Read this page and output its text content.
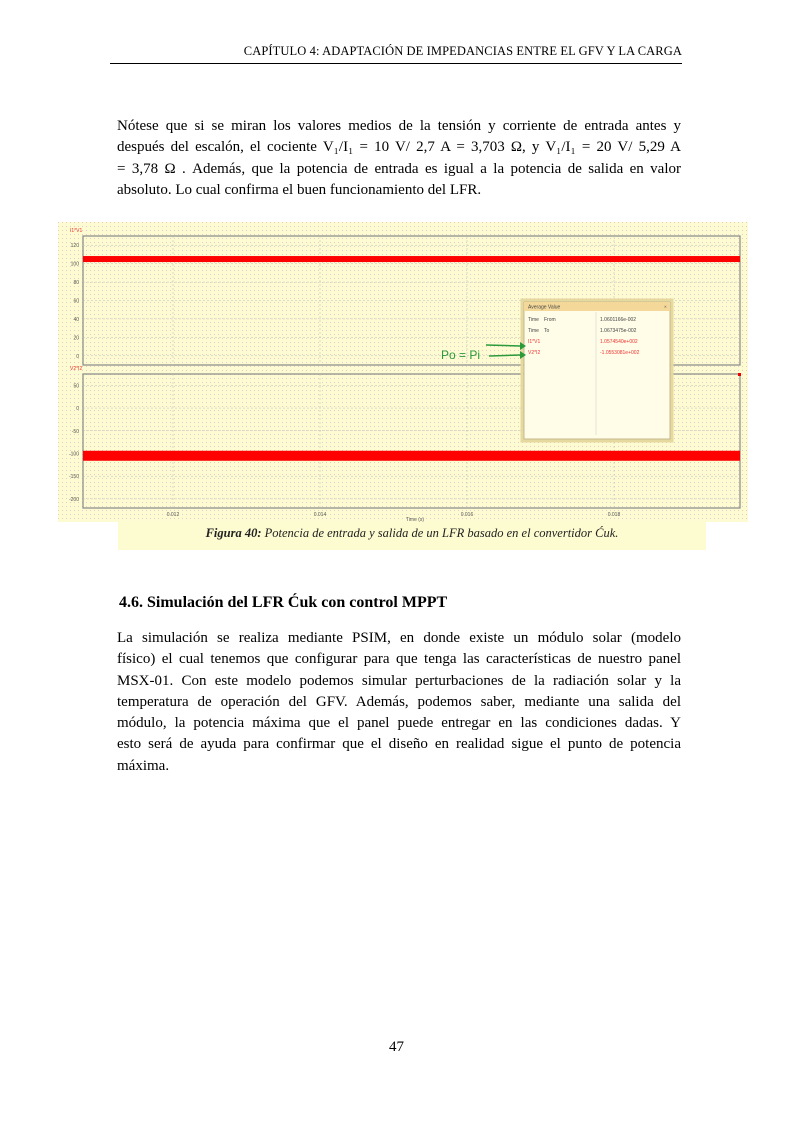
CAPÍTULO 4: ADAPTACIÓN DE IMPEDANCIAS ENTRE EL GFV Y LA CARGA
Nótese que si se miran los valores medios de la tensión y corriente de entrada antes y
después del escalón, el cociente V₁/I₁ = 10 V/ 2,7 A = 3,703 Ω, y V₁/I₁ = 20 V/ 5,29 A
= 3,78 Ω . Además, que la potencia de entrada es igual a la potencia de salida en valor
absoluto. Lo cual confirma el buen funcionamiento del LFR.
I1*V1
120
100
80
60
40
20
0
V2*I2
50
0
-50
-100
-150
-200
0.012	0.014	0.016	0.018
Time (s)
Average Value	×
Time From	1.0601166e-002
Time To	1.0673475e-002
I1*V1	1.0574540e+002
V2*I2	-1.0553081e+002
Po = Pi
Figura 40: Potencia de entrada y salida de un LFR basado en el convertidor Ćuk.
4.6. Simulación del LFR Ćuk con control MPPT
La simulación se realiza mediante PSIM, en donde existe un módulo solar (modelo
físico) el cual tenemos que configurar para que tenga las características de nuestro panel
MSX-01. Con este modelo podemos simular perturbaciones de la radiación solar y la
temperatura de operación del GFV. Además, podemos saber, mediante una salida del
módulo, la potencia máxima que el panel puede entregar en las condiciones dadas. Y
esto será de ayuda para confirmar que el diseño en realidad sigue el punto de potencia
máxima.
47
